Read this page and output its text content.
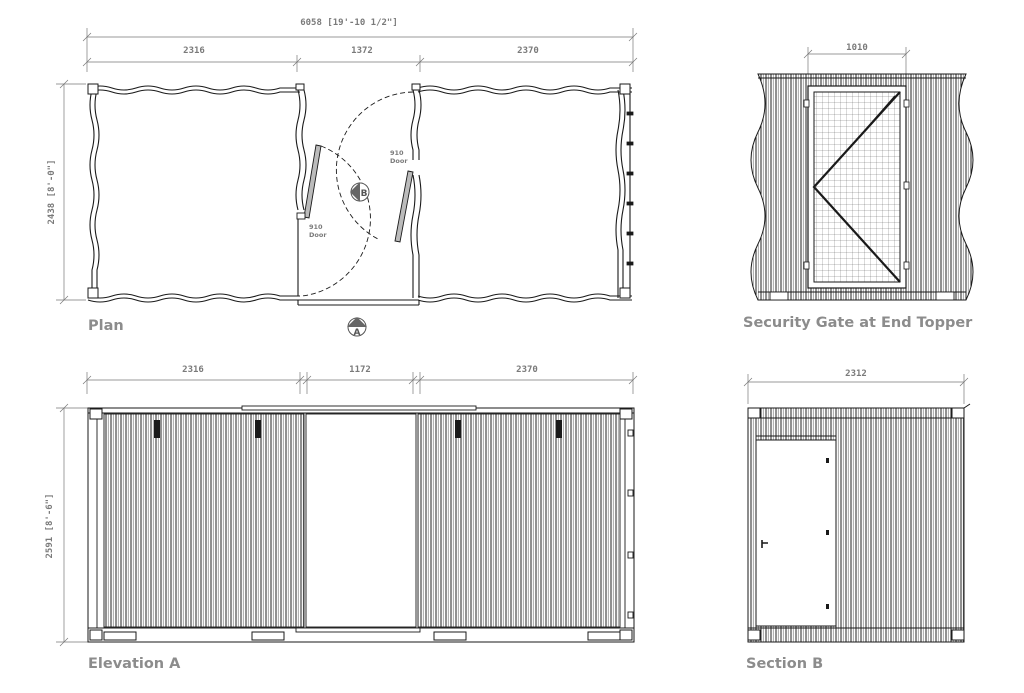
6058 [19'-10 1/2"]
2316	1372	2370
2438 [8'-0"]
910
Door
910
Door
B
A
Plan
1010
Security Gate at End Topper
2316	1172	2370
2591 [8'-6"]
Elevation A
2312
Section B
